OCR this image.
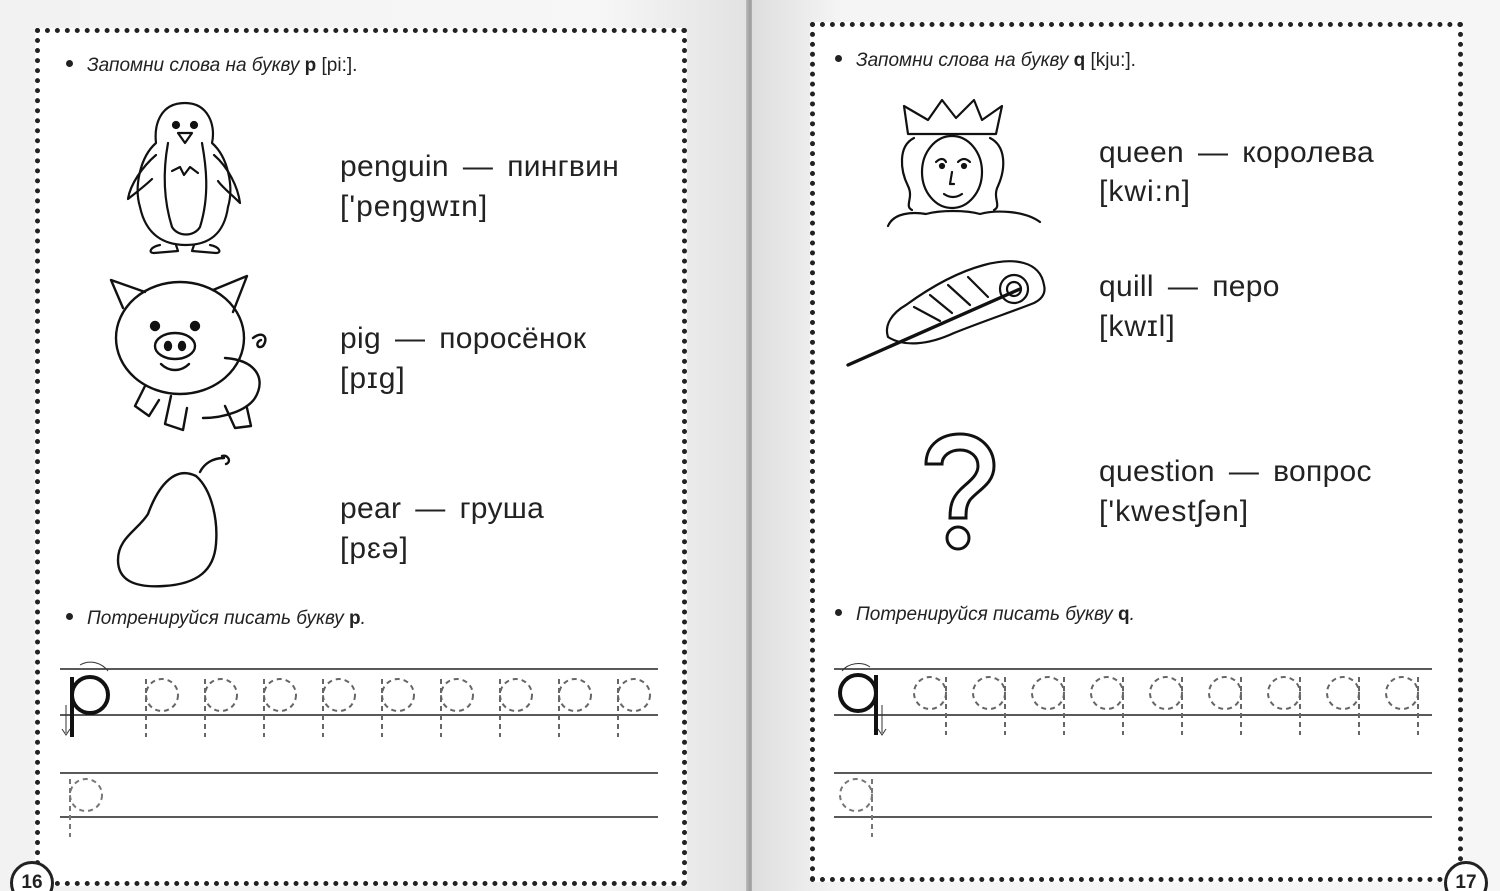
Запомни слова на букву p [pi:].
penguin — пингвин
['peŋgwɪn]
pig — поросёнок
[pɪg]
pear — груша
[pɛə]
Потренируйся писать букву p.
16
Запомни слова на букву q [kju:].
queen — королева
[kwi:n]
quill — перо
[kwɪl]
question — вопрос
['kwestʃən]
Потренируйся писать букву q.
17
